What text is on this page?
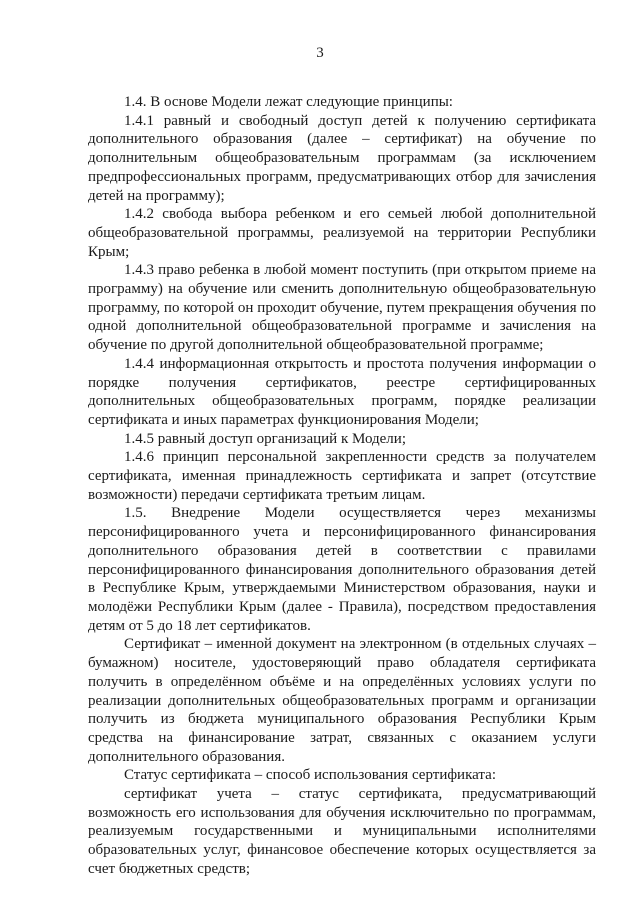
3

1.4. В основе Модели лежат следующие принципы:

1.4.1 равный и свободный доступ детей к получению сертификата дополнительного образования (далее – сертификат) на обучение по дополнительным общеобразовательным программам (за исключением предпрофессиональных программ, предусматривающих отбор для зачисления детей на программу);

1.4.2 свобода выбора ребенком и его семьей любой дополнительной общеобразовательной программы, реализуемой на территории Республики Крым;

1.4.3 право ребенка в любой момент поступить (при открытом приеме на программу) на обучение или сменить дополнительную общеобразовательную программу, по которой он проходит обучение, путем прекращения обучения по одной дополнительной общеобразовательной программе и зачисления на обучение по другой дополнительной общеобразовательной программе;

1.4.4 информационная открытость и простота получения информации о порядке получения сертификатов, реестре сертифицированных дополнительных общеобразовательных программ, порядке реализации сертификата и иных параметрах функционирования Модели;

1.4.5 равный доступ организаций к Модели;

1.4.6 принцип персональной закрепленности средств за получателем сертификата, именная принадлежность сертификата и запрет (отсутствие возможности) передачи сертификата третьим лицам.

1.5. Внедрение Модели осуществляется через механизмы персонифицированного учета и персонифицированного финансирования дополнительного образования детей в соответствии с правилами персонифицированного финансирования дополнительного образования детей в Республике Крым, утверждаемыми Министерством образования, науки и молодёжи Республики Крым (далее - Правила), посредством предоставления детям от 5 до 18 лет сертификатов.

Сертификат – именной документ на электронном (в отдельных случаях – бумажном) носителе, удостоверяющий право обладателя сертификата получить в определённом объёме и на определённых условиях услуги по реализации дополнительных общеобразовательных программ и организации получить из бюджета муниципального образования Республики Крым средства на финансирование затрат, связанных с оказанием услуги дополнительного образования.

Статус сертификата – способ использования сертификата:

сертификат учета – статус сертификата, предусматривающий возможность его использования для обучения исключительно по программам, реализуемым государственными и муниципальными исполнителями образовательных услуг, финансовое обеспечение которых осуществляется за счет бюджетных средств;
